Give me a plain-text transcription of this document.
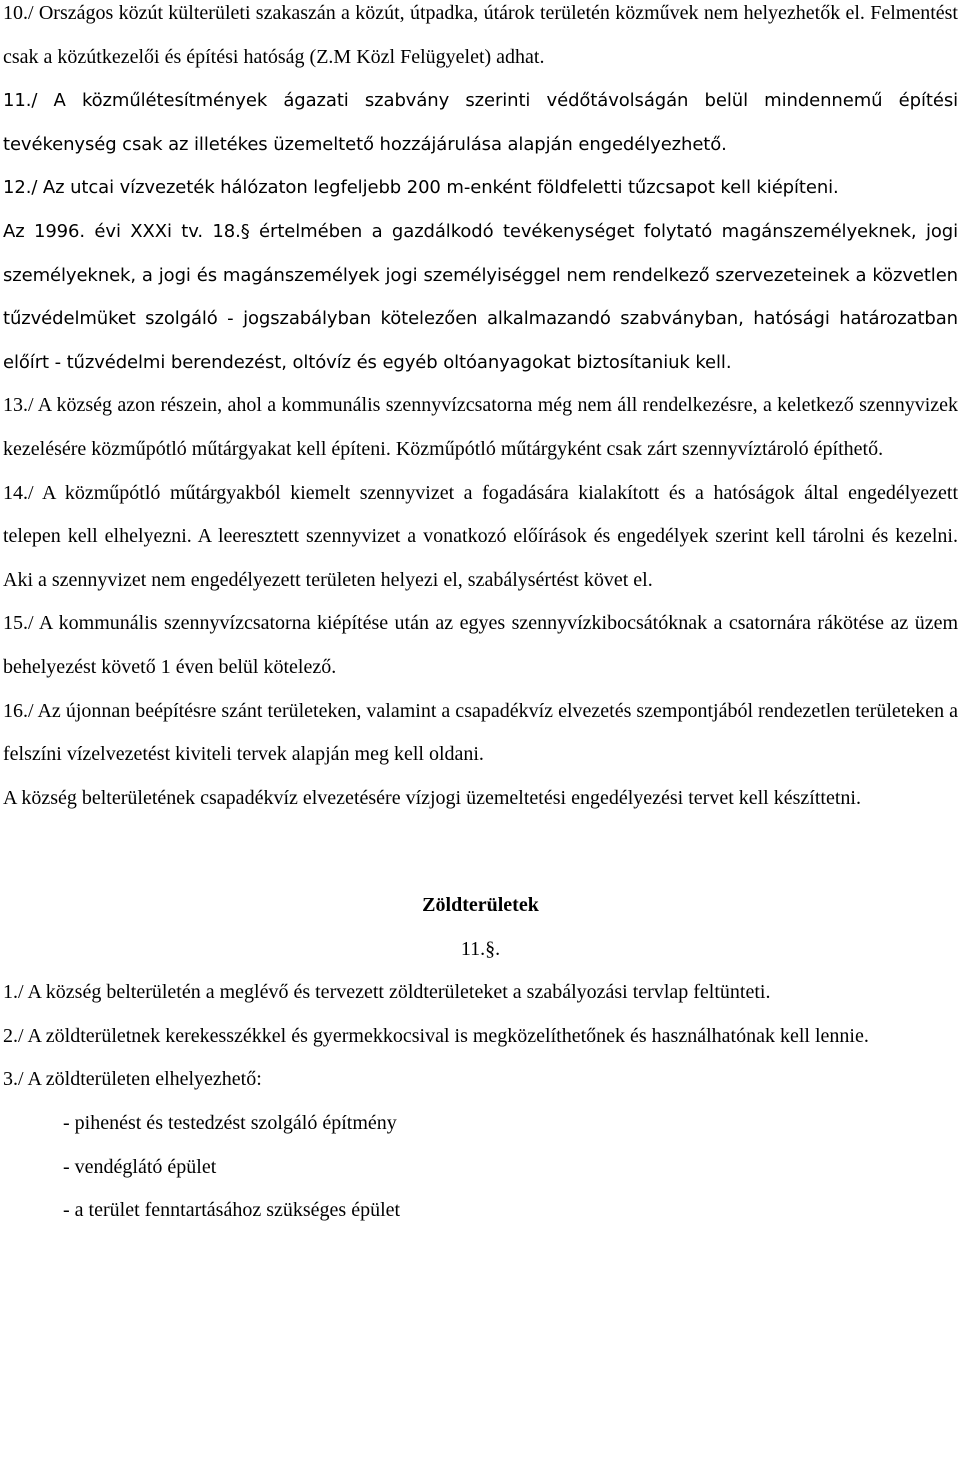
10./ Országos közút külterületi szakaszán a közút, útpadka, útárok területén közművek nem helyezhetők el. Felmentést csak a közútkezelői és építési hatóság (Z.M Közl Felügyelet) adhat.

11./ A közműlétesítmények ágazati szabvány szerinti védőtávolságán belül mindennemű építési tevékenység csak az illetékes üzemeltető hozzájárulása alapján engedélyezhető.

12./ Az utcai vízvezeték hálózaton legfeljebb 200 m-enként földfeletti tűzcsapot kell kiépíteni.

Az 1996. évi XXXi tv. 18.§ értelmében a gazdálkodó tevékenységet folytató magánszemélyeknek, jogi személyeknek, a jogi és magánszemélyek jogi személyiséggel nem rendelkező szervezeteinek a közvetlen tűzvédelmüket szolgáló - jogszabályban kötelezően alkalmazandó szabványban, hatósági határozatban előírt - tűzvédelmi berendezést, oltóvíz és egyéb oltóanyagokat biztosítaniuk kell.

13./ A község azon részein, ahol a kommunális szennyvízcsatorna még nem áll rendelkezésre, a keletkező szennyvizek kezelésére közműpótló műtárgyakat kell építeni. Közműpótló műtárgyként csak zárt szennyvíztároló építhető.

14./ A közműpótló műtárgyakból kiemelt szennyvizet a fogadására kialakított és a hatóságok által engedélyezett telepen kell elhelyezni. A leeresztett szennyvizet a vonatkozó előírások és engedélyek szerint kell tárolni és kezelni. Aki a szennyvizet nem engedélyezett területen helyezi el, szabálysértést követ el.

15./ A kommunális szennyvízcsatorna kiépítése után az egyes szennyvízkibocsátóknak a csatornára rákötése az üzem behelyezést követő 1 éven belül kötelező.

16./ Az újonnan beépítésre szánt területeken, valamint a csapadékvíz elvezetés szempontjából rendezetlen területeken a felszíni vízelvezetést kiviteli tervek alapján meg kell oldani.

A község belterületének csapadékvíz elvezetésére vízjogi üzemeltetési engedélyezési tervet kell készíttetni.

Zöldterületek

11.§.

1./ A község belterületén a meglévő és tervezett zöldterületeket a szabályozási tervlap feltünteti.

2./ A zöldterületnek kerekesszékkel és gyermekkocsival is megközelíthetőnek és használhatónak kell lennie.

3./ A zöldterületen elhelyezhető:

- pihenést és testedzést szolgáló építmény
- vendéglátó épület
- a terület fenntartásához szükséges épület
